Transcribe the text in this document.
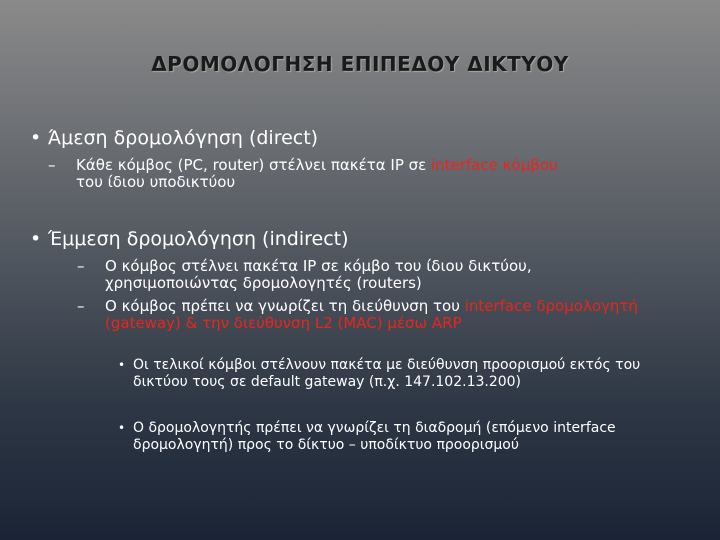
ΔΡΟΜΟΛΟΓΗΣΗ ΕΠΙΠΕΔΟΥ ΔΙΚΤΥΟΥ
• Άμεση δρομολόγηση (direct)
– Κάθε κόμβος (PC, router) στέλνει πακέτα IP σε interface κόμβου
του ίδιου υποδικτύου
• Έμμεση δρομολόγηση (indirect)
– Ο κόμβος στέλνει πακέτα IP σε κόμβο του ίδιου δικτύου, χρησιμοποιώντας δρομολογητές (routers)
– Ο κόμβος πρέπει να γνωρίζει τη διεύθυνση του interface δρομολογητή (gateway) & την διεύθυνση L2 (MAC) μέσω ARP
• Οι τελικοί κόμβοι στέλνουν πακέτα με διεύθυνση προορισμού εκτός του δικτύου τους σε default gateway (π.χ. 147.102.13.200)
• Ο δρομολογητής πρέπει να γνωρίζει τη διαδρομή (επόμενο interface δρομολογητή) προς το δίκτυο – υποδίκτυο προορισμού
